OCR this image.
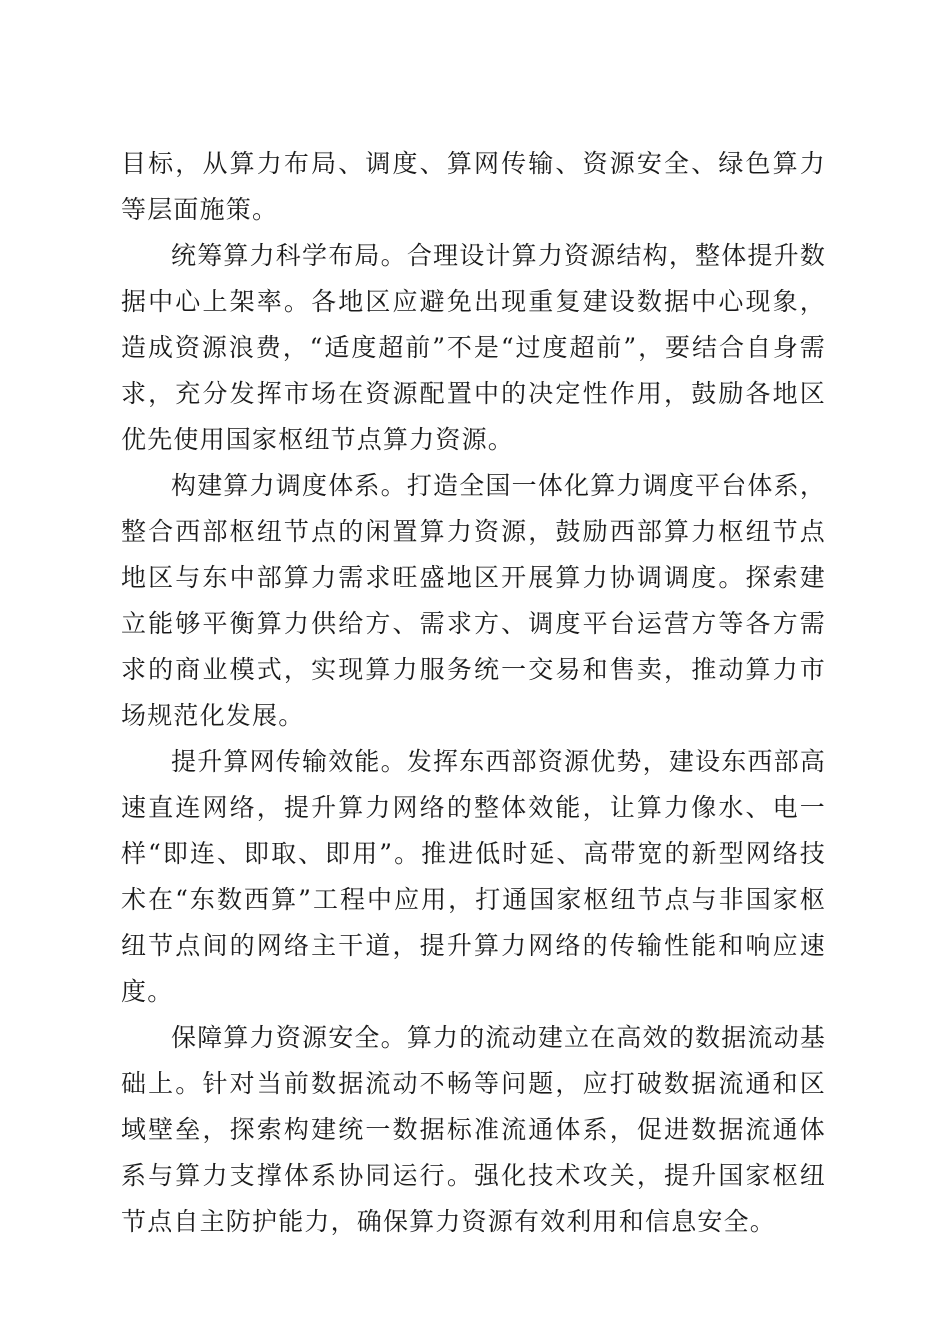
目标，从算力布局、调度、算网传输、资源安全、绿色算力等层面施策。

统筹算力科学布局。合理设计算力资源结构，整体提升数据中心上架率。各地区应避免出现重复建设数据中心现象，造成资源浪费，“适度超前”不是“过度超前”，要结合自身需求，充分发挥市场在资源配置中的决定性作用，鼓励各地区优先使用国家枢纽节点算力资源。

构建算力调度体系。打造全国一体化算力调度平台体系，整合西部枢纽节点的闲置算力资源，鼓励西部算力枢纽节点地区与东中部算力需求旺盛地区开展算力协调调度。探索建立能够平衡算力供给方、需求方、调度平台运营方等各方需求的商业模式，实现算力服务统一交易和售卖，推动算力市场规范化发展。

提升算网传输效能。发挥东西部资源优势，建设东西部高速直连网络，提升算力网络的整体效能，让算力像水、电一样“即连、即取、即用”。推进低时延、高带宽的新型网络技术在“东数西算”工程中应用，打通国家枢纽节点与非国家枢纽节点间的网络主干道，提升算力网络的传输性能和响应速度。

保障算力资源安全。算力的流动建立在高效的数据流动基础上。针对当前数据流动不畅等问题，应打破数据流通和区域壁垒，探索构建统一数据标准流通体系，促进数据流通体系与算力支撑体系协同运行。强化技术攻关，提升国家枢纽节点自主防护能力，确保算力资源有效利用和信息安全。
